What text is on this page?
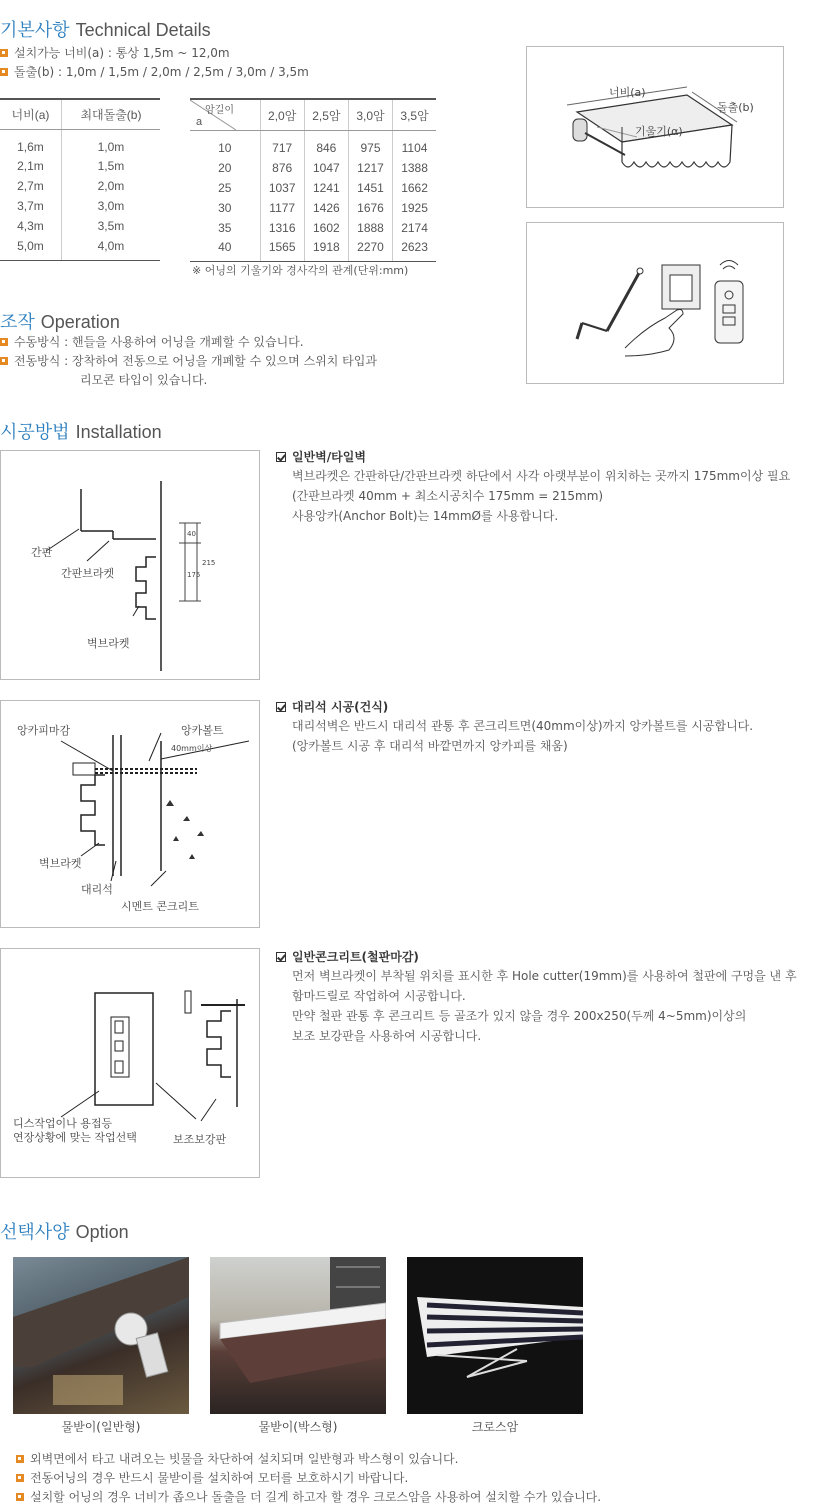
기본사항 Technical Details
설치가능 너비(a) : 통상 1,5m ~ 12,0m
돌출(b) : 1,0m / 1,5m / 2,0m / 2,5m / 3,0m / 3,5m
너비(a)	최대돌출(b)
1,6m	1,0m
2,1m	1,5m
2,7m	2,0m
3,7m	3,0m
4,3m	3,5m
5,0m	4,0m
암길이
a	2,0암	2,5암	3,0암	3,5암
10	717	846	975	1104
20	876	1047	1217	1388
25	1037	1241	1451	1662
30	1177	1426	1676	1925
35	1316	1602	1888	2174
40	1565	1918	2270	2623
※ 어닝의 기울기와 경사각의 관계(단위:mm)
너비(a)
돌출(b)
기울기(α)
조작 Operation
수동방식 : 핸들을 사용하여 어닝을 개폐할 수 있습니다.
전동방식 : 장착하여 전동으로 어닝을 개폐할 수 있으며 스위치 타입과
리모콘 타입이 있습니다.
시공방법 Installation
간판
간판브라켓
벽브라켓
40
175
215
일반벽/타일벽
벽브라켓은 간판하단/간판브라켓 하단에서 사각 아랫부분이 위치하는 곳까지 175mm이상 필요
(간판브라켓 40mm + 최소시공치수 175mm = 215mm)
사용앙카(Anchor Bolt)는 14mmØ를 사용합니다.
앙카피마감	앙카볼트
40mm이상
벽브라켓
대리석
시멘트 콘크리트
대리석 시공(건식)
대리석벽은 반드시 대리석 관통 후 콘크리트면(40mm이상)까지 앙카볼트를 시공합니다.
(앙카볼트 시공 후 대리석 바깥면까지 앙카피를 채움)
디스작업이나 용접등
연장상황에 맞는 작업선택	보조보강판
일반콘크리트(철판마감)
먼저 벽브라켓이 부착될 위치를 표시한 후 Hole cutter(19mm)를 사용하여 철판에 구멍을 낸 후
함마드릴로 작업하여 시공합니다.
만약 철판 관통 후 콘크리트 등 골조가 있지 않을 경우 200x250(두께 4~5mm)이상의
보조 보강판을 사용하여 시공합니다.
선택사양 Option
물받이(일반형)	물받이(박스형)	크로스암
외벽면에서 타고 내려오는 빗물을 차단하여 설치되며 일반형과 박스형이 있습니다.
전동어닝의 경우 반드시 물받이를 설치하여 모터를 보호하시기 바랍니다.
설치할 어닝의 경우 너비가 좁으나 돌출을 더 길게 하고자 할 경우 크로스암을 사용하여 설치할 수가 있습니다.
